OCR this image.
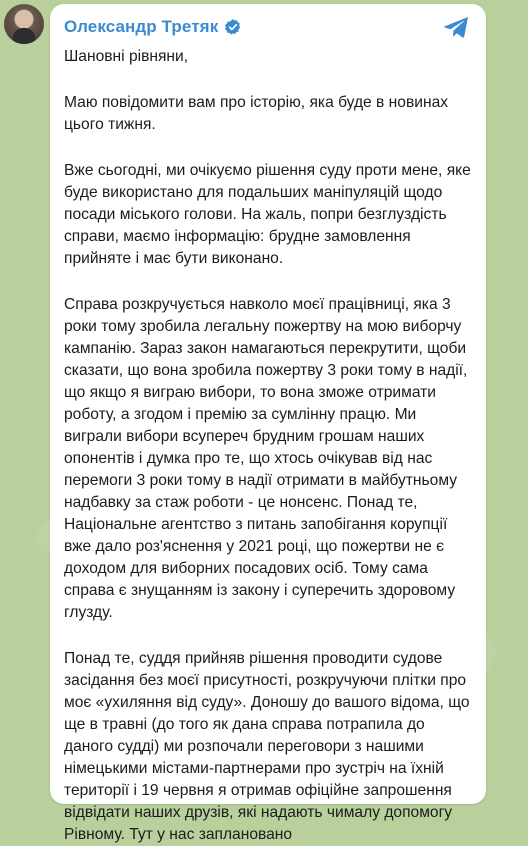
Олександр Третяк

Шановні рівняни,

Маю повідомити вам про історію, яка буде в новинах цього тижня.

Вже сьогодні, ми очікуємо рішення суду проти мене, яке буде використано для подальших маніпуляцій щодо посади міського голови. На жаль, попри безглуздість справи, маємо інформацію: брудне замовлення прийняте і має бути виконано.

Справа розкручується навколо моєї працівниці, яка 3 роки тому зробила легальну пожертву на мою виборчу кампанію. Зараз закон намагаються перекрутити, щоби сказати, що вона зробила пожертву 3 роки тому в надії, що якщо я виграю вибори, то вона зможе отримати роботу, а згодом і премію за сумлінну працю. Ми виграли вибори всупереч брудним грошам наших опонентів і думка про те, що хтось очікував від нас перемоги 3 роки тому в надії отримати в майбутньому надбавку за стаж роботи - це нонсенс. Понад те, Національне агентство з питань запобігання корупції вже дало роз'яснення у 2021 році, що пожертви не є доходом для виборних посадових осіб. Тому сама справа є знущанням із закону і суперечить здоровому глузду.

Понад те, суддя прийняв рішення проводити судове засідання без моєї присутності, розкручуючи плітки про моє «ухиляння від суду». Доношу до вашого відома, що ще в травні (до того як дана справа потрапила до даного судді) ми розпочали переговори з нашими німецькими містами-партнерами про зустріч на їхній території і 19 червня я отримав офіційне запрошення відвідати наших друзів, які надають чималу допомогу Рівному. Тут у нас заплановано
